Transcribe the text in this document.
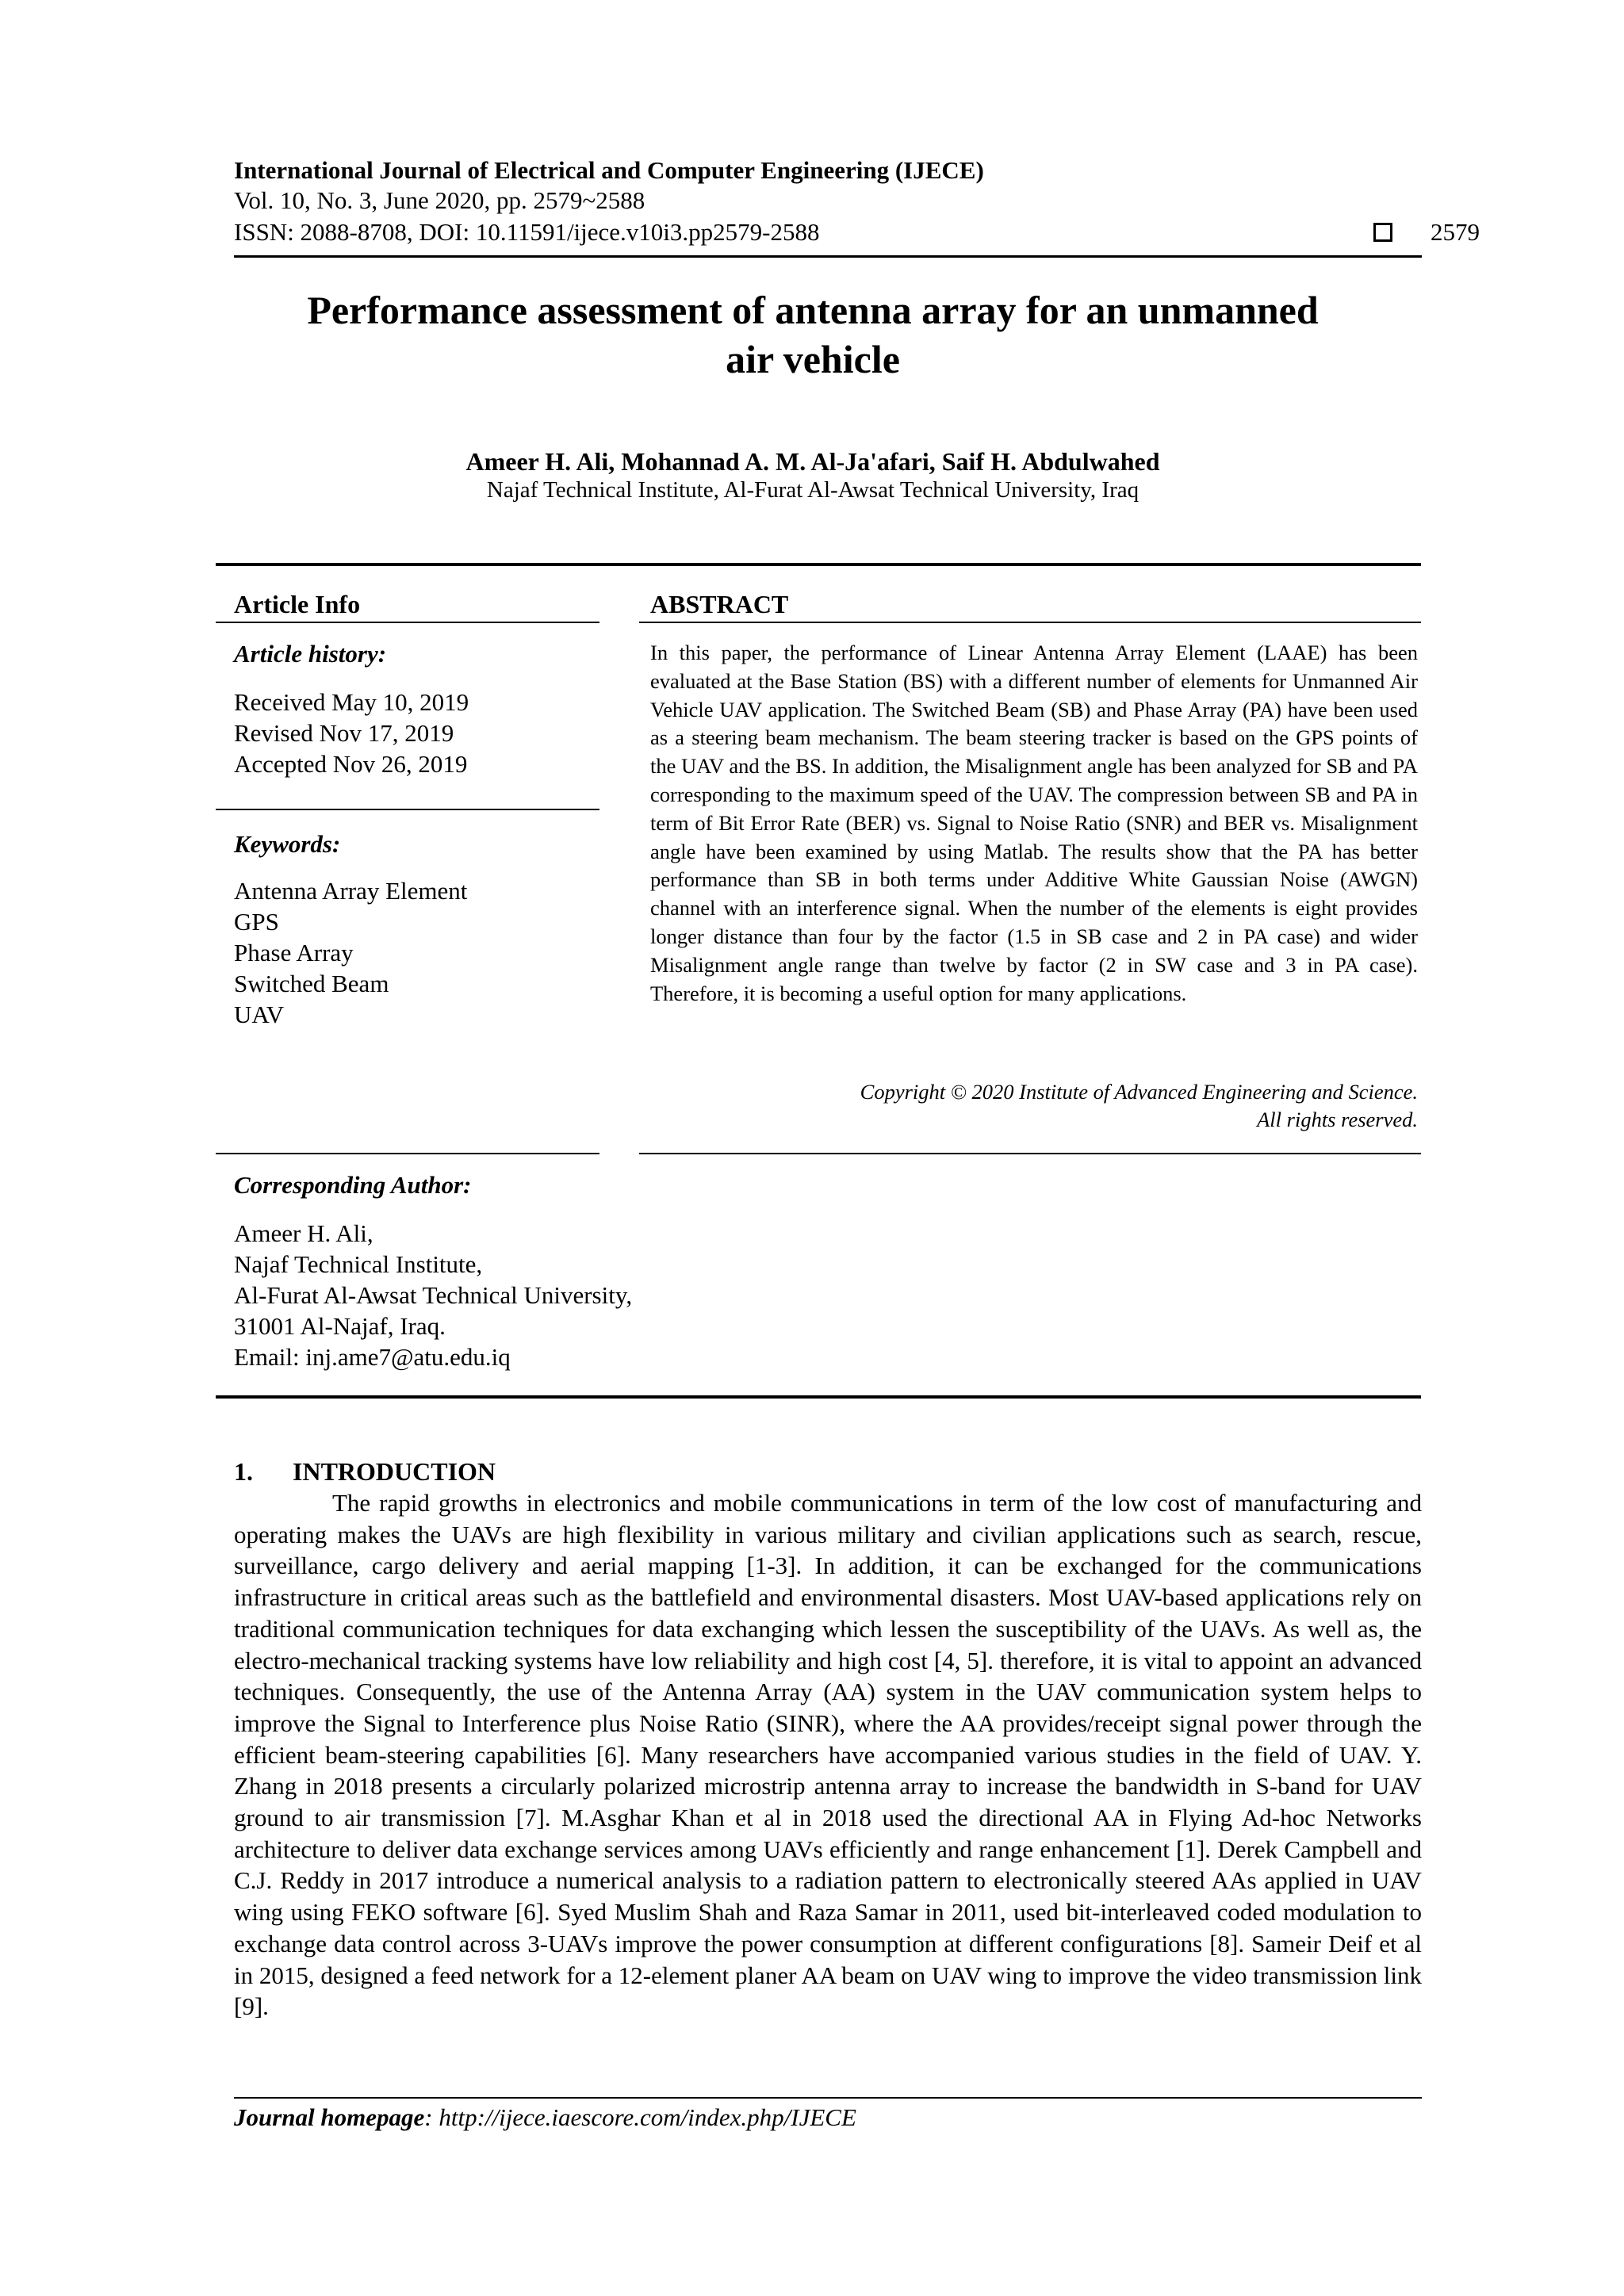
International Journal of Electrical and Computer Engineering (IJECE)
Vol. 10, No. 3, June 2020, pp. 2579~2588
ISSN: 2088-8708, DOI: 10.11591/ijece.v10i3.pp2579-2588	2579
Performance assessment of antenna array for an unmanned
air vehicle
Ameer H. Ali, Mohannad A. M. Al-Ja'afari, Saif H. Abdulwahed
Najaf Technical Institute, Al-Furat Al-Awsat Technical University, Iraq
Article Info
Article history:
Received May 10, 2019
Revised Nov 17, 2019
Accepted Nov 26, 2019
Keywords:
Antenna Array Element
GPS
Phase Array
Switched Beam
UAV
ABSTRACT
In this paper, the performance of Linear Antenna Array Element (LAAE) has been evaluated at the Base Station (BS) with a different number of elements for Unmanned Air Vehicle UAV application. The Switched Beam (SB) and Phase Array (PA) have been used as a steering beam mechanism. The beam steering tracker is based on the GPS points of the UAV and the BS. In addition, the Misalignment angle has been analyzed for SB and PA corresponding to the maximum speed of the UAV. The compression between SB and PA in term of Bit Error Rate (BER) vs. Signal to Noise Ratio (SNR) and BER vs. Misalignment angle have been examined by using Matlab. The results show that the PA has better performance than SB in both terms under Additive White Gaussian Noise (AWGN) channel with an interference signal. When the number of the elements is eight provides longer distance than four by the factor (1.5 in SB case and 2 in PA case) and wider Misalignment angle range than twelve by factor (2 in SW case and 3 in PA case). Therefore, it is becoming a useful option for many applications.
Copyright © 2020 Institute of Advanced Engineering and Science.
All rights reserved.
Corresponding Author:
Ameer H. Ali,
Najaf Technical Institute,
Al-Furat Al-Awsat Technical University,
31001 Al-Najaf, Iraq.
Email: inj.ame7@atu.edu.iq
1.	INTRODUCTION
The rapid growths in electronics and mobile communications in term of the low cost of manufacturing and operating makes the UAVs are high flexibility in various military and civilian applications such as search, rescue, surveillance, cargo delivery and aerial mapping [1-3]. In addition, it can be exchanged for the communications infrastructure in critical areas such as the battlefield and environmental disasters. Most UAV-based applications rely on traditional communication techniques for data exchanging which lessen the susceptibility of the UAVs. As well as, the electro-mechanical tracking systems have low reliability and high cost [4, 5]. therefore, it is vital to appoint an advanced techniques. Consequently, the use of the Antenna Array (AA) system in the UAV communication system helps to improve the Signal to Interference plus Noise Ratio (SINR), where the AA provides/receipt signal power through the efficient beam-steering capabilities [6]. Many researchers have accompanied various studies in the field of UAV. Y. Zhang in 2018 presents a circularly polarized microstrip antenna array to increase the bandwidth in S-band for UAV ground to air transmission [7]. M.Asghar Khan et al in 2018 used the directional AA in Flying Ad-hoc Networks architecture to deliver data exchange services among UAVs efficiently and range enhancement [1]. Derek Campbell and C.J. Reddy in 2017 introduce a numerical analysis to a radiation pattern to electronically steered AAs applied in UAV wing using FEKO software [6]. Syed Muslim Shah and Raza Samar in 2011, used bit-interleaved coded modulation to exchange data control across 3-UAVs improve the power consumption at different configurations [8]. Sameir Deif et al in 2015, designed a feed network for a 12-element planer AA beam on UAV wing to improve the video transmission link [9].
Journal homepage: http://ijece.iaescore.com/index.php/IJECE
